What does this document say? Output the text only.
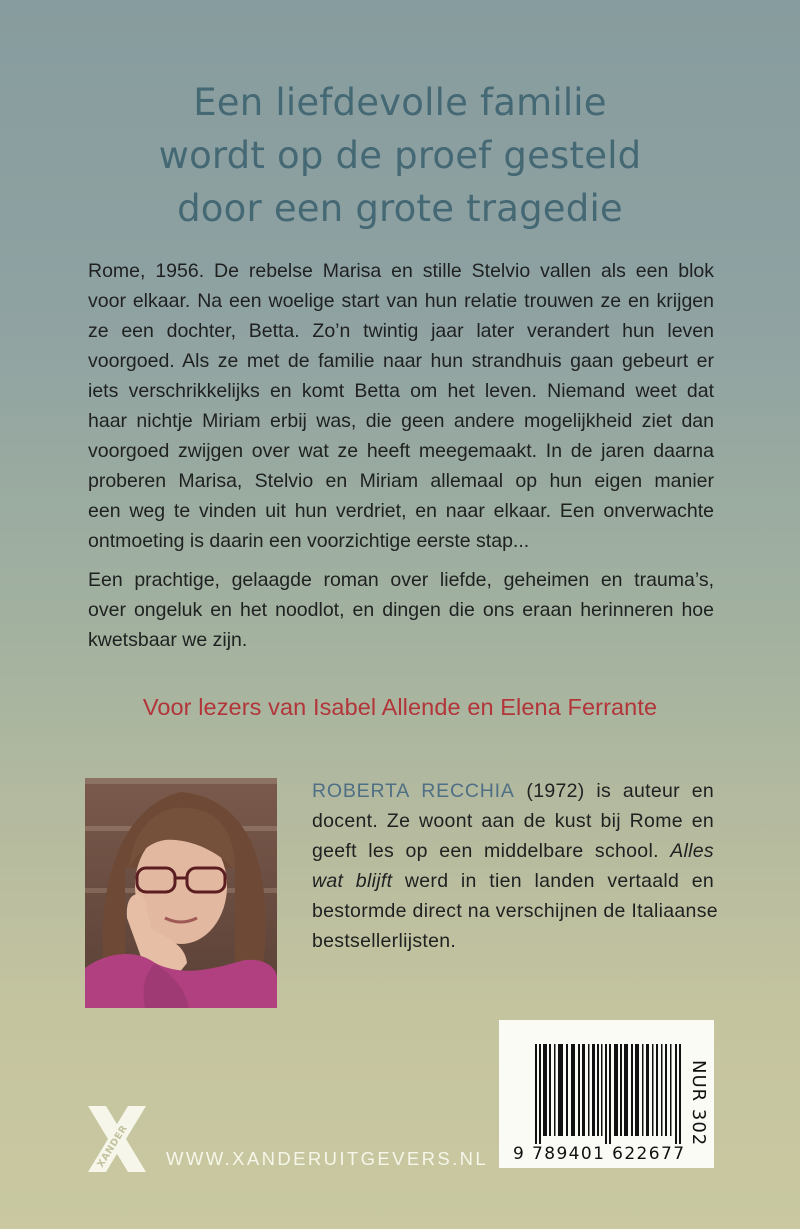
Een liefdevolle familie
wordt op de proef gesteld
door een grote tragedie
Rome, 1956. De rebelse Marisa en stille Stelvio vallen als een blok
voor elkaar. Na een woelige start van hun relatie trouwen ze en krijgen
ze een dochter, Betta. Zo’n twintig jaar later verandert hun leven
voorgoed. Als ze met de familie naar hun strandhuis gaan gebeurt er
iets verschrikkelijks en komt Betta om het leven. Niemand weet dat
haar nichtje Miriam erbij was, die geen andere mogelijkheid ziet dan
voorgoed zwijgen over wat ze heeft meegemaakt. In de jaren daarna
proberen Marisa, Stelvio en Miriam allemaal op hun eigen manier
een weg te vinden uit hun verdriet, en naar elkaar. Een onverwachte
ontmoeting is daarin een voorzichtige eerste stap...
Een prachtige, gelaagde roman over liefde, geheimen en trauma’s,
over ongeluk en het noodlot, en dingen die ons eraan herinneren hoe
kwetsbaar we zijn.
Voor lezers van Isabel Allende en Elena Ferrante
ROBERTA RECCHIA (1972) is auteur en
docent. Ze woont aan de kust bij Rome en
geeft les op een middelbare school. Alles
wat blijft werd in tien landen vertaald en
bestormde direct na verschijnen de Italiaanse
bestsellerlijsten.
9 789401 622677
NUR 302
XANDER WWW.XANDERUITGEVERS.NL
